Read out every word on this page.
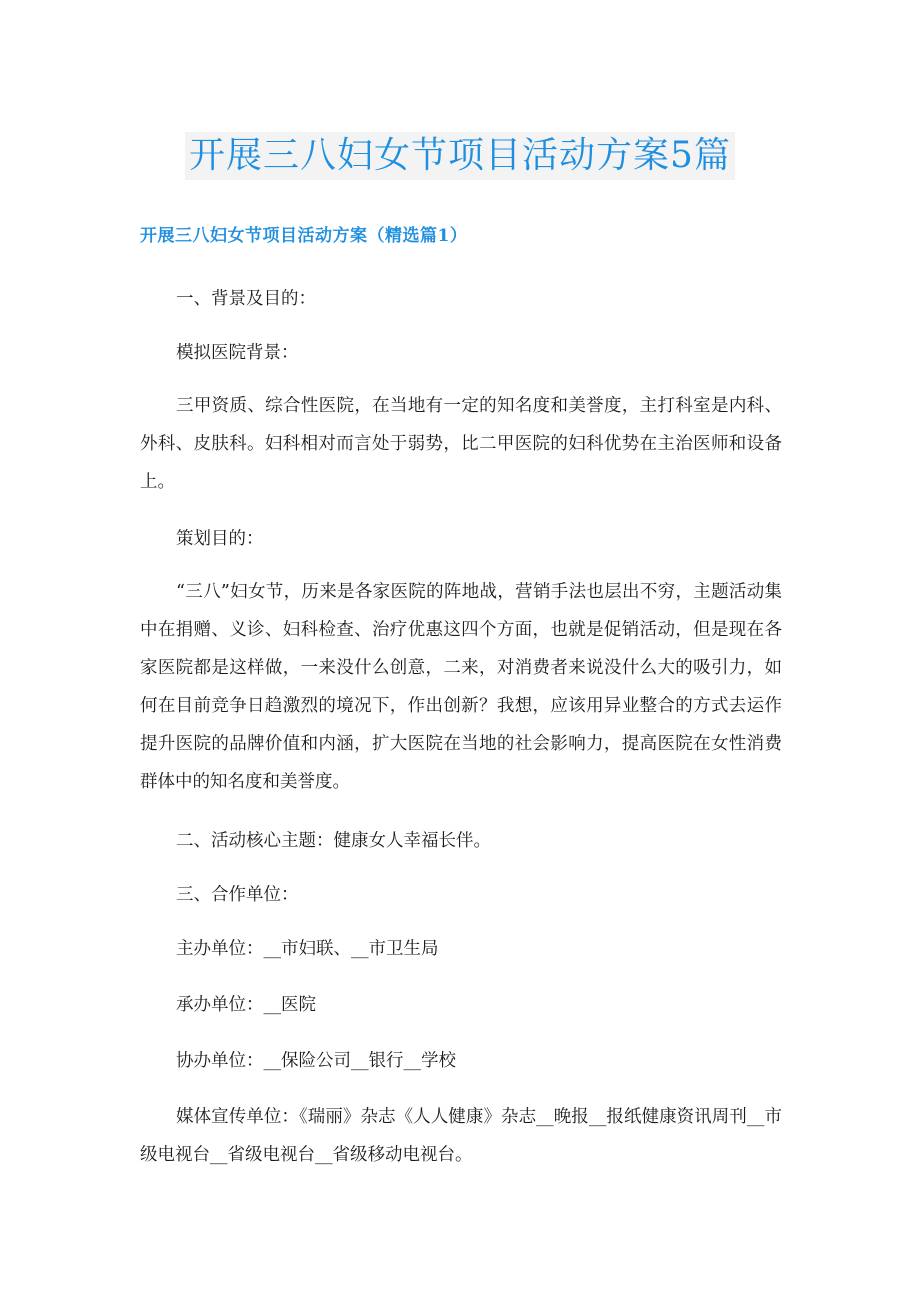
开展三八妇女节项目活动方案5篇
开展三八妇女节项目活动方案（精选篇1）

一、背景及目的：

模拟医院背景：

三甲资质、综合性医院，在当地有一定的知名度和美誉度，主打科室是内科、外科、皮肤科。妇科相对而言处于弱势，比二甲医院的妇科优势在主治医师和设备上。

策划目的：

“三八”妇女节，历来是各家医院的阵地战，营销手法也层出不穷，主题活动集中在捐赠、义诊、妇科检查、治疗优惠这四个方面，也就是促销活动，但是现在各家医院都是这样做，一来没什么创意，二来，对消费者来说没什么大的吸引力，如何在目前竞争日趋激烈的境况下，作出创新？我想，应该用异业整合的方式去运作提升医院的品牌价值和内涵，扩大医院在当地的社会影响力，提高医院在女性消费群体中的知名度和美誉度。

二、活动核心主题：健康女人幸福长伴。

三、合作单位：

主办单位：__市妇联、__市卫生局

承办单位：__医院

协办单位：__保险公司__银行__学校

媒体宣传单位：《瑞丽》杂志《人人健康》杂志__晚报__报纸健康资讯周刊__市级电视台__省级电视台__省级移动电视台。
